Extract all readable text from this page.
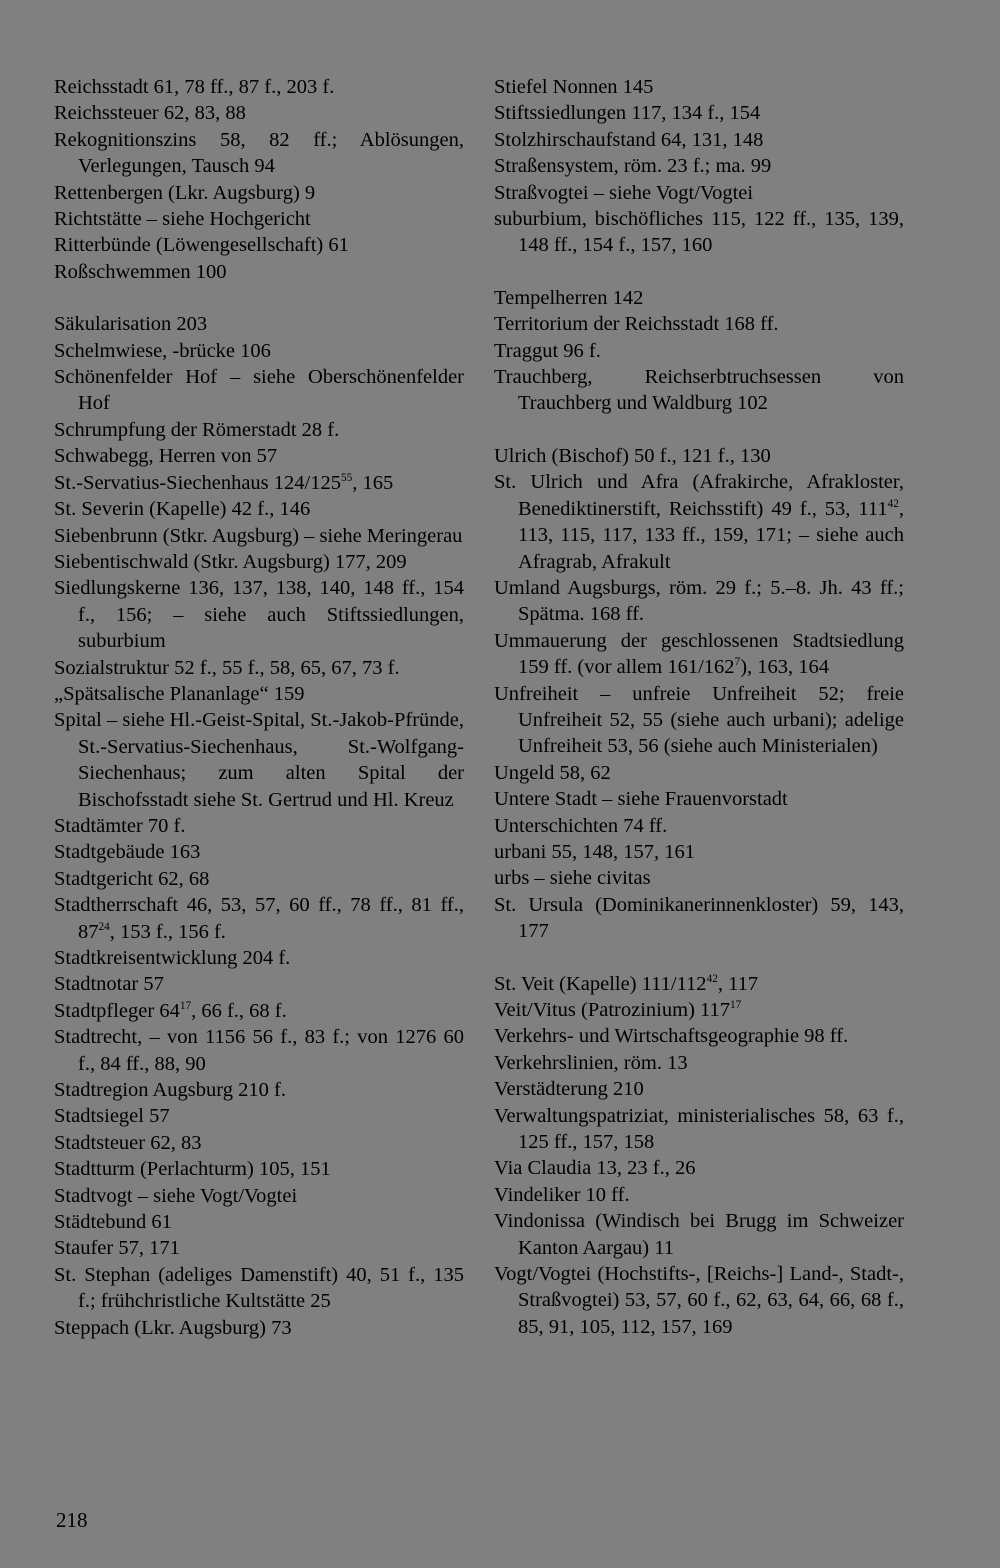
Reichsstadt 61, 78 ff., 87 f., 203 f.
Reichssteuer 62, 83, 88
Rekognitionszins 58, 82 ff.; Ablösungen, Verlegungen, Tausch 94
Rettenbergen (Lkr. Augsburg) 9
Richtstätte – siehe Hochgericht
Ritterbünde (Löwengesellschaft) 61
Roßschwemmen 100
Säkularisation 203
Schelmwiese, -brücke 106
Schönenfelder Hof – siehe Oberschönenfelder Hof
Schrumpfung der Römerstadt 28 f.
Schwabegg, Herren von 57
St.-Servatius-Siechenhaus $124/125^{55}$, 165
St. Severin (Kapelle) 42 f., 146
Siebenbrunn (Stkr. Augsburg) – siehe Meringerau
Siebentischwald (Stkr. Augsburg) 177, 209
Siedlungskerne 136, 137, 138, 140, 148 ff., 154 f., 156; – siehe auch Stiftssiedlungen, suburbium
Sozialstruktur 52 f., 55 f., 58, 65, 67, 73 f.
„Spätsalische Plananlage“ 159
Spital – siehe Hl.-Geist-Spital, St.-Jakob-Pfründe, St.-Servatius-Siechenhaus, St.-Wolfgang-Siechenhaus; zum alten Spital der Bischofsstadt siehe St. Gertrud und Hl. Kreuz
Stadtämter 70 f.
Stadtgebäude 163
Stadtgericht 62, 68
Stadtherrschaft 46, 53, 57, 60 ff., 78 ff., 81 ff., $87^{24}$, 153 f., 156 f.
Stadtkreisentwicklung 204 f.
Stadtnotar 57
Stadtpfleger $64^{17}$, 66 f., 68 f.
Stadtrecht, – von 1156 56 f., 83 f.; von 1276 60 f., 84 ff., 88, 90
Stadtregion Augsburg 210 f.
Stadtsiegel 57
Stadtsteuer 62, 83
Stadtturm (Perlachturm) 105, 151
Stadtvogt – siehe Vogt/Vogtei
Städtebund 61
Staufer 57, 171
St. Stephan (adeliges Damenstift) 40, 51 f., 135 f.; frühchristliche Kultstätte 25
Steppach (Lkr. Augsburg) 73
Stiefel Nonnen 145
Stiftssiedlungen 117, 134 f., 154
Stolzhirschaufstand 64, 131, 148
Straßensystem, röm. 23 f.; ma. 99
Straßvogtei – siehe Vogt/Vogtei
suburbium, bischöfliches 115, 122 ff., 135, 139, 148 ff., 154 f., 157, 160
Tempelherren 142
Territorium der Reichsstadt 168 ff.
Traggut 96 f.
Trauchberg, Reichserbtruchsessen von Trauchberg und Waldburg 102
Ulrich (Bischof) 50 f., 121 f., 130
St. Ulrich und Afra (Afrakirche, Afrakloster, Benediktinerstift, Reichsstift) 49 f., 53, $111^{42}$, 113, 115, 117, 133 ff., 159, 171; – siehe auch Afragrab, Afrakult
Umland Augsburgs, röm. 29 f.; 5.–8. Jh. 43 ff.; Spätma. 168 ff.
Ummauerung der geschlossenen Stadtsiedlung 159 ff. (vor allem $161/162^7$), 163, 164
Unfreiheit – unfreie Unfreiheit 52; freie Unfreiheit 52, 55 (siehe auch urbani); adelige Unfreiheit 53, 56 (siehe auch Ministerialen)
Ungeld 58, 62
Untere Stadt – siehe Frauenvorstadt
Unterschichten 74 ff.
urbani 55, 148, 157, 161
urbs – siehe civitas
St. Ursula (Dominikanerinnenkloster) 59, 143, 177
St. Veit (Kapelle) $111/112^{42}$, 117
Veit/Vitus (Patrozinium) $117^{17}$
Verkehrs- und Wirtschaftsgeographie 98 ff.
Verkehrslinien, röm. 13
Verstädterung 210
Verwaltungspatriziat, ministerialisches 58, 63 f., 125 ff., 157, 158
Via Claudia 13, 23 f., 26
Vindeliker 10 ff.
Vindonissa (Windisch bei Brugg im Schweizer Kanton Aargau) 11
Vogt/Vogtei (Hochstifts-, [Reichs-] Land-, Stadt-, Straßvogtei) 53, 57, 60 f., 62, 63, 64, 66, 68 f., 85, 91, 105, 112, 157, 169
218
